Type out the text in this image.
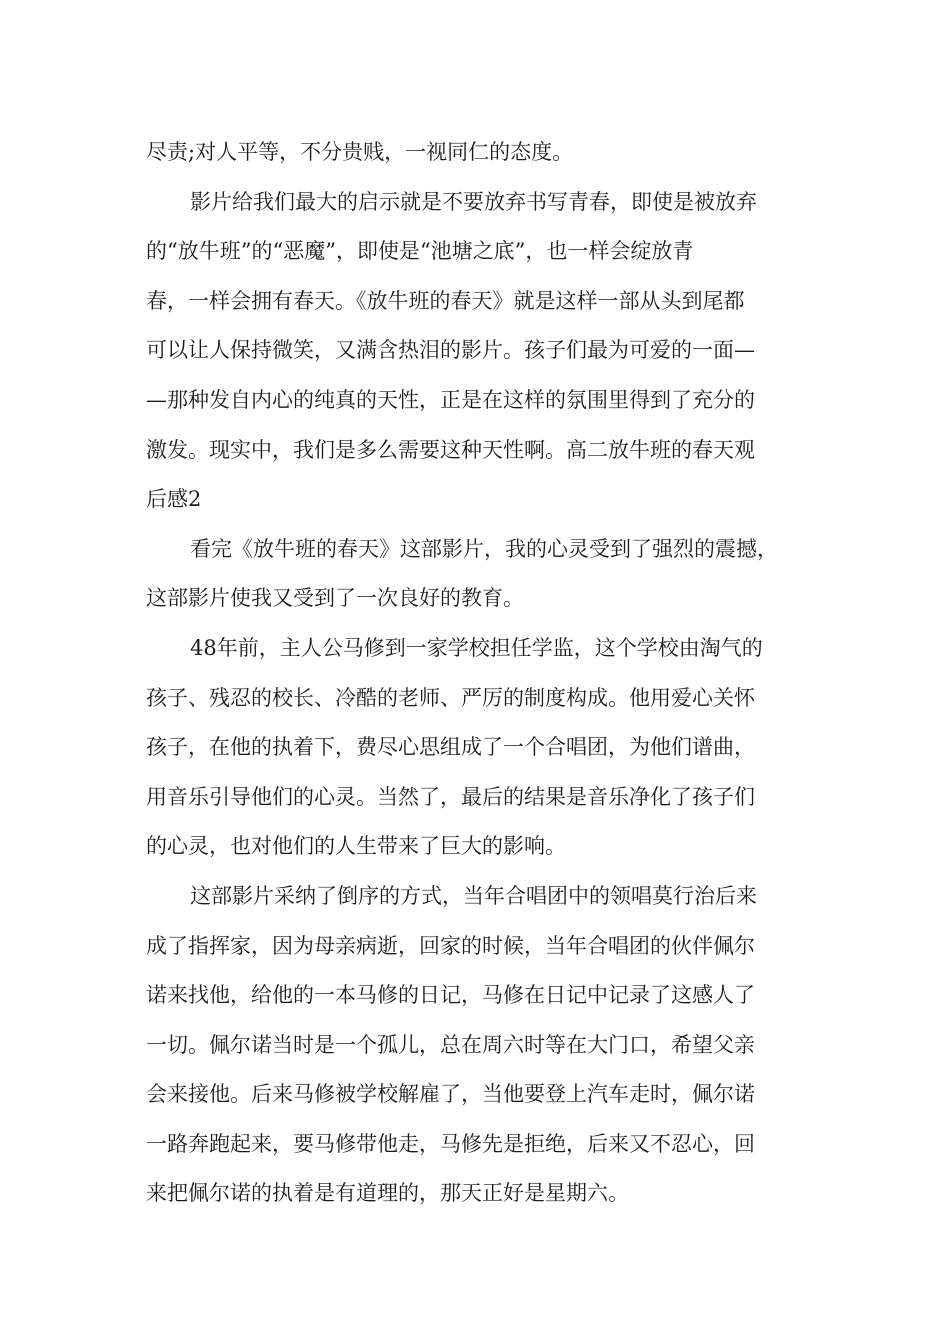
尽责;对人平等，不分贵贱，一视同仁的态度。
影片给我们最大的启示就是不要放弃书写青春，即使是被放弃
的“放牛班”的“恶魔”，即使是“池塘之底”，也一样会绽放青
春，一样会拥有春天。《放牛班的春天》就是这样一部从头到尾都
可以让人保持微笑，又满含热泪的影片。孩子们最为可爱的一面—
—那种发自内心的纯真的天性，正是在这样的氛围里得到了充分的
激发。现实中，我们是多么需要这种天性啊。高二放牛班的春天观
后感2
看完《放牛班的春天》这部影片，我的心灵受到了强烈的震撼，
这部影片使我又受到了一次良好的教育。
48年前，主人公马修到一家学校担任学监，这个学校由淘气的
孩子、残忍的校长、冷酷的老师、严厉的制度构成。他用爱心关怀
孩子，在他的执着下，费尽心思组成了一个合唱团，为他们谱曲，
用音乐引导他们的心灵。当然了，最后的结果是音乐净化了孩子们
的心灵，也对他们的人生带来了巨大的影响。
这部影片采纳了倒序的方式，当年合唱团中的领唱莫行治后来
成了指挥家，因为母亲病逝，回家的时候，当年合唱团的伙伴佩尔
诺来找他，给他的一本马修的日记，马修在日记中记录了这感人了
一切。佩尔诺当时是一个孤儿，总在周六时等在大门口，希望父亲
会来接他。后来马修被学校解雇了，当他要登上汽车走时，佩尔诺
一路奔跑起来，要马修带他走，马修先是拒绝，后来又不忍心，回
来把佩尔诺的执着是有道理的，那天正好是星期六。
